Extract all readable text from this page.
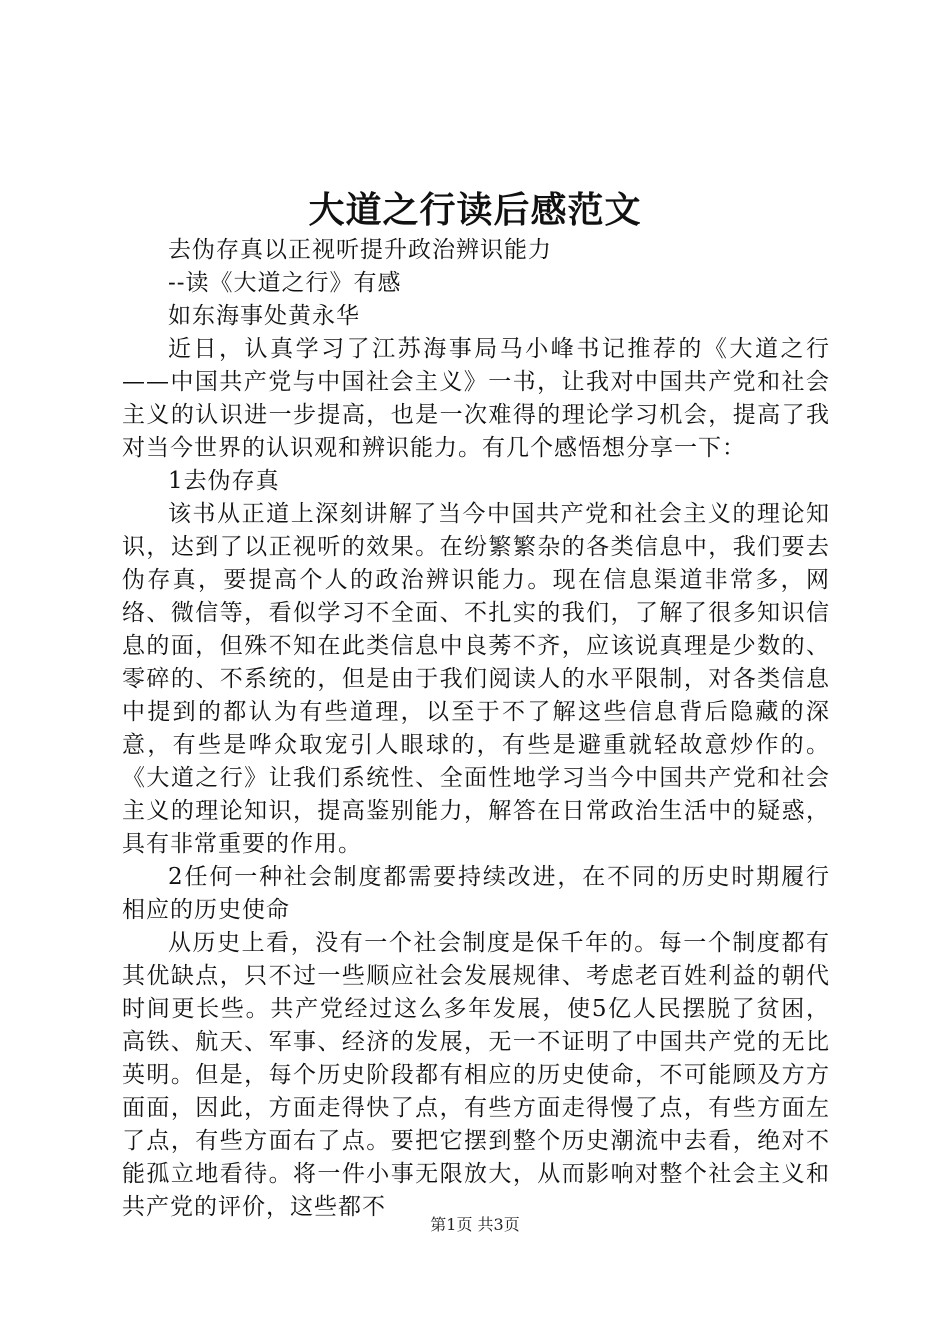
大道之行读后感范文

去伪存真以正视听提升政治辨识能力

--读《大道之行》有感

如东海事处黄永华

近日，认真学习了江苏海事局马小峰书记推荐的《大道之行——中国共产党与中国社会主义》一书，让我对中国共产党和社会主义的认识进一步提高，也是一次难得的理论学习机会，提高了我对当今世界的认识观和辨识能力。有几个感悟想分享一下：

1去伪存真

该书从正道上深刻讲解了当今中国共产党和社会主义的理论知识，达到了以正视听的效果。在纷繁繁杂的各类信息中，我们要去伪存真，要提高个人的政治辨识能力。现在信息渠道非常多，网络、微信等，看似学习不全面、不扎实的我们，了解了很多知识信息的面，但殊不知在此类信息中良莠不齐，应该说真理是少数的、零碎的、不系统的，但是由于我们阅读人的水平限制，对各类信息中提到的都认为有些道理，以至于不了解这些信息背后隐藏的深意，有些是哗众取宠引人眼球的，有些是避重就轻故意炒作的。《大道之行》让我们系统性、全面性地学习当今中国共产党和社会主义的理论知识，提高鉴别能力，解答在日常政治生活中的疑惑，具有非常重要的作用。

2任何一种社会制度都需要持续改进，在不同的历史时期履行相应的历史使命

从历史上看，没有一个社会制度是保千年的。每一个制度都有其优缺点，只不过一些顺应社会发展规律、考虑老百姓利益的朝代时间更长些。共产党经过这么多年发展，使5亿人民摆脱了贫困，高铁、航天、军事、经济的发展，无一不证明了中国共产党的无比英明。但是，每个历史阶段都有相应的历史使命，不可能顾及方方面面，因此，方面走得快了点，有些方面走得慢了点，有些方面左了点，有些方面右了点。要把它摆到整个历史潮流中去看，绝对不能孤立地看待。将一件小事无限放大，从而影响对整个社会主义和共产党的评价，这些都不

第1页 共3页
